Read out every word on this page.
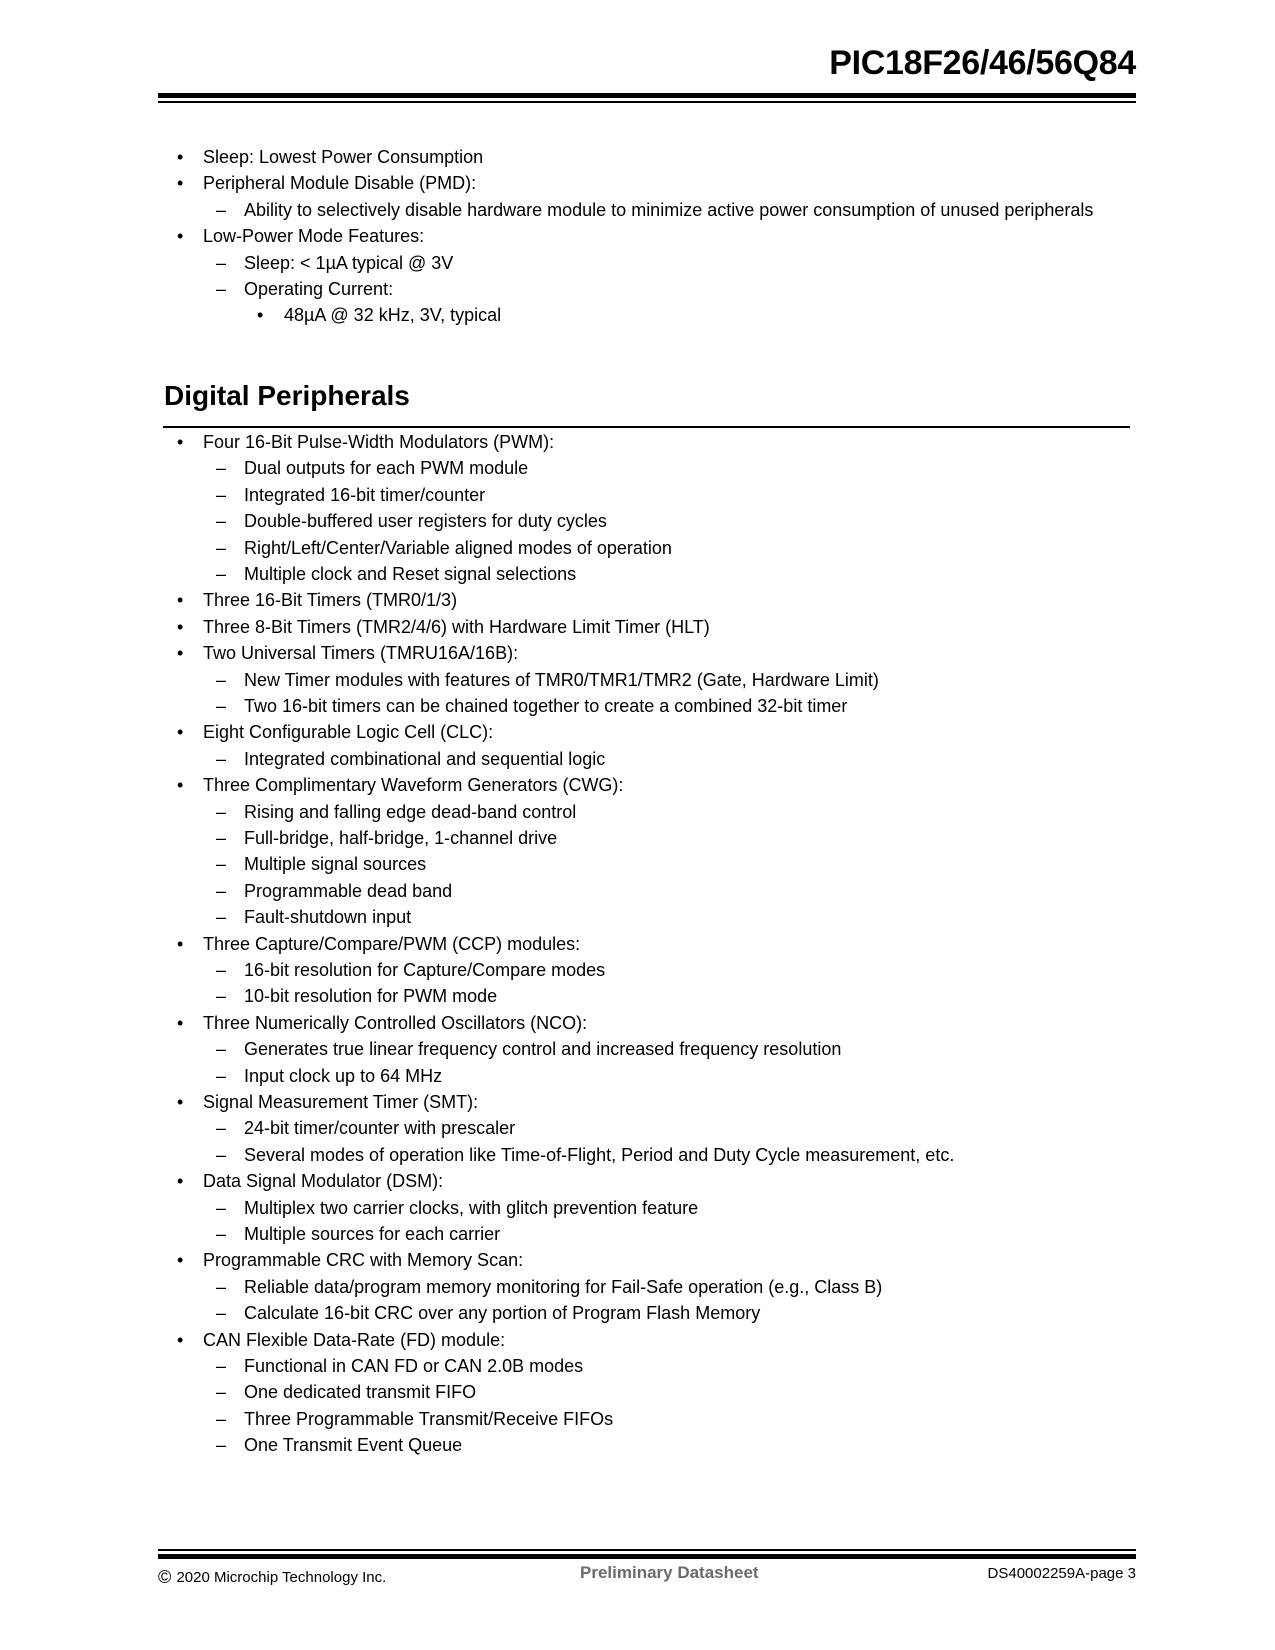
PIC18F26/46/56Q84
• Sleep: Lowest Power Consumption
• Peripheral Module Disable (PMD):
– Ability to selectively disable hardware module to minimize active power consumption of unused peripherals
• Low-Power Mode Features:
– Sleep: < 1µA typical @ 3V
– Operating Current:
• 48µA @ 32 kHz, 3V, typical
Digital Peripherals
• Four 16-Bit Pulse-Width Modulators (PWM):
– Dual outputs for each PWM module
– Integrated 16-bit timer/counter
– Double-buffered user registers for duty cycles
– Right/Left/Center/Variable aligned modes of operation
– Multiple clock and Reset signal selections
• Three 16-Bit Timers (TMR0/1/3)
• Three 8-Bit Timers (TMR2/4/6) with Hardware Limit Timer (HLT)
• Two Universal Timers (TMRU16A/16B):
– New Timer modules with features of TMR0/TMR1/TMR2 (Gate, Hardware Limit)
– Two 16-bit timers can be chained together to create a combined 32-bit timer
• Eight Configurable Logic Cell (CLC):
– Integrated combinational and sequential logic
• Three Complimentary Waveform Generators (CWG):
– Rising and falling edge dead-band control
– Full-bridge, half-bridge, 1-channel drive
– Multiple signal sources
– Programmable dead band
– Fault-shutdown input
• Three Capture/Compare/PWM (CCP) modules:
– 16-bit resolution for Capture/Compare modes
– 10-bit resolution for PWM mode
• Three Numerically Controlled Oscillators (NCO):
– Generates true linear frequency control and increased frequency resolution
– Input clock up to 64 MHz
• Signal Measurement Timer (SMT):
– 24-bit timer/counter with prescaler
– Several modes of operation like Time-of-Flight, Period and Duty Cycle measurement, etc.
• Data Signal Modulator (DSM):
– Multiplex two carrier clocks, with glitch prevention feature
– Multiple sources for each carrier
• Programmable CRC with Memory Scan:
– Reliable data/program memory monitoring for Fail-Safe operation (e.g., Class B)
– Calculate 16-bit CRC over any portion of Program Flash Memory
• CAN Flexible Data-Rate (FD) module:
– Functional in CAN FD or CAN 2.0B modes
– One dedicated transmit FIFO
– Three Programmable Transmit/Receive FIFOs
– One Transmit Event Queue
© 2020 Microchip Technology Inc.	Preliminary Datasheet	DS40002259A-page 3
